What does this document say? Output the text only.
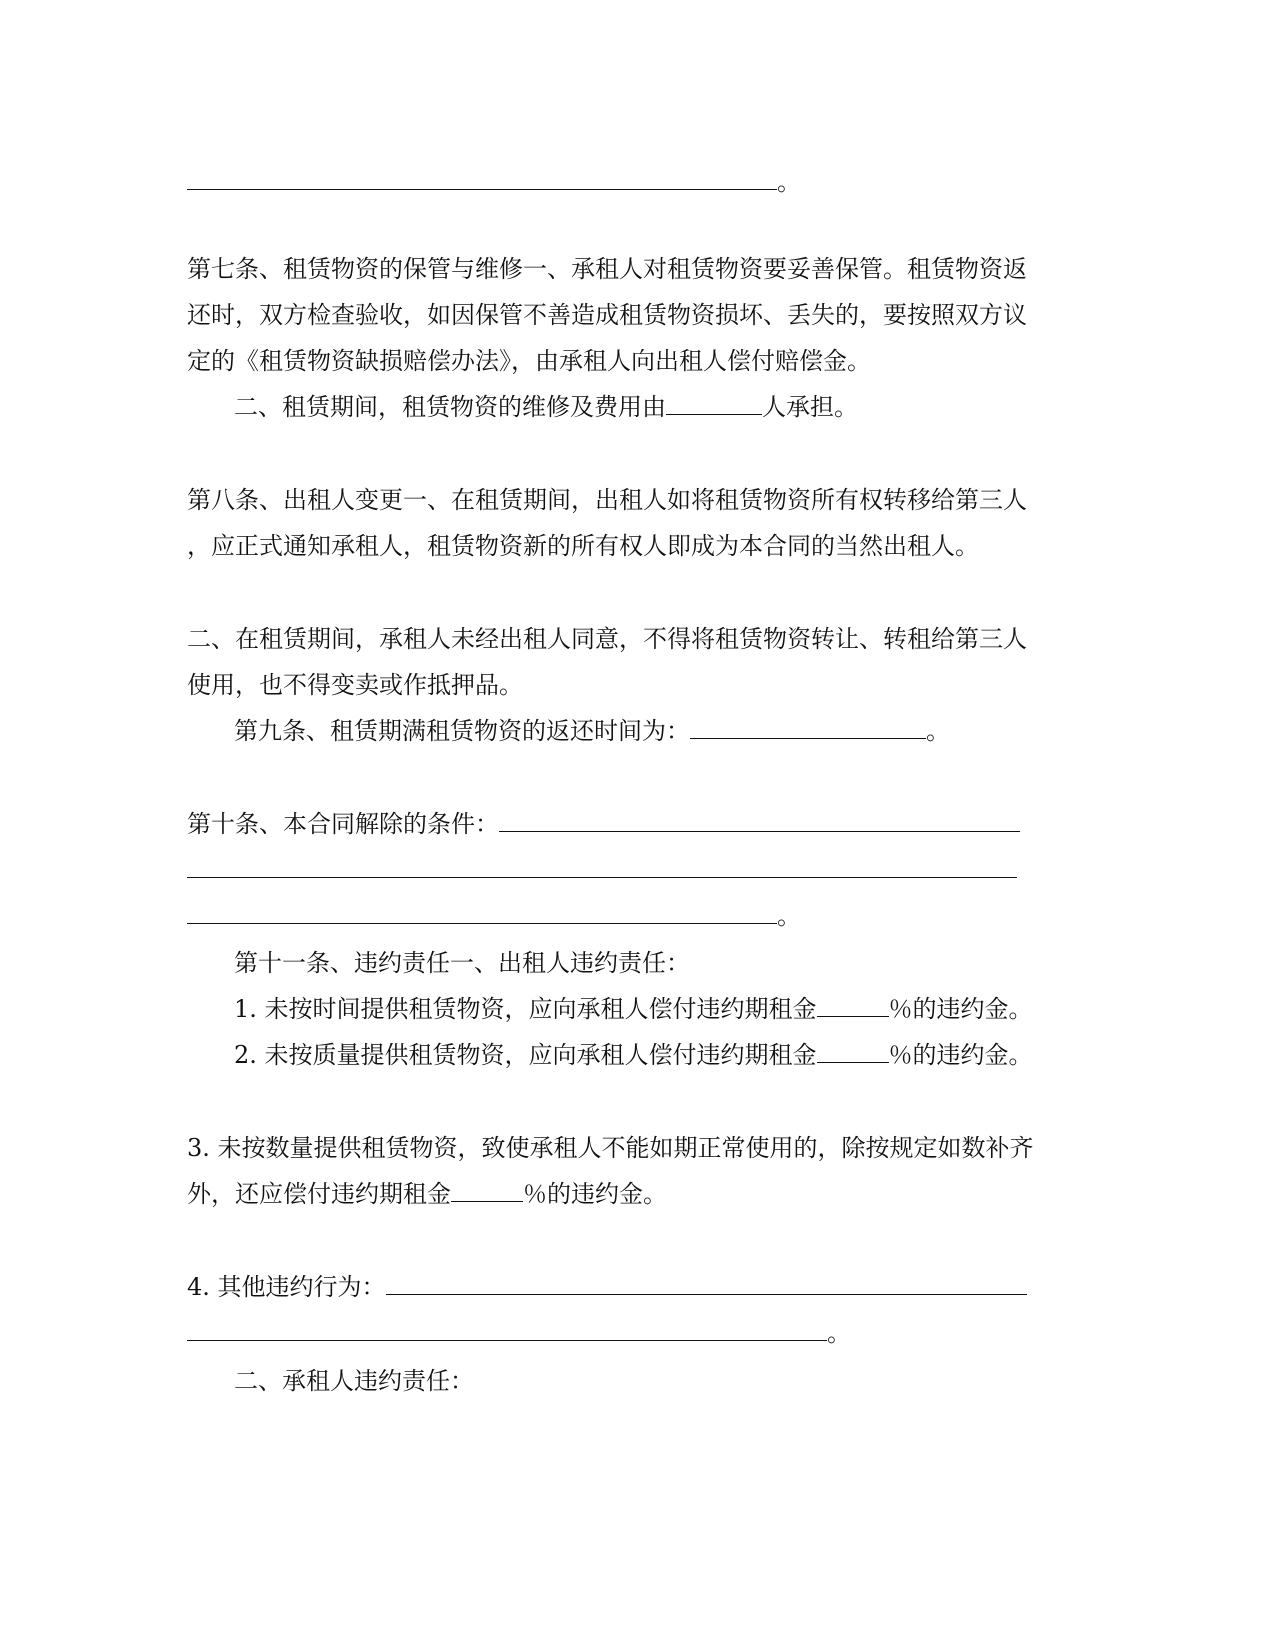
。
第七条、租赁物资的保管与维修一、承租人对租赁物资要妥善保管。租赁物资返
还时，双方检查验收，如因保管不善造成租赁物资损坏、丢失的，要按照双方议
定的《租赁物资缺损赔偿办法》，由承租人向出租人偿付赔偿金。
二、租赁期间，租赁物资的维修及费用由	人承担。
第八条、出租人变更一、在租赁期间，出租人如将租赁物资所有权转移给第三人
，应正式通知承租人，租赁物资新的所有权人即成为本合同的当然出租人。
二、在租赁期间，承租人未经出租人同意，不得将租赁物资转让、转租给第三人
使用，也不得变卖或作抵押品。
第九条、租赁期满租赁物资的返还时间为：	。
第十条、本合同解除的条件：
。
第十一条、违约责任一、出租人违约责任：
1. 未按时间提供租赁物资，应向承租人偿付违约期租金	％的违约金。
2. 未按质量提供租赁物资，应向承租人偿付违约期租金	％的违约金。
3. 未按数量提供租赁物资，致使承租人不能如期正常使用的，除按规定如数补齐
外，还应偿付违约期租金	％的违约金。
4. 其他违约行为：
。
二、承租人违约责任：
